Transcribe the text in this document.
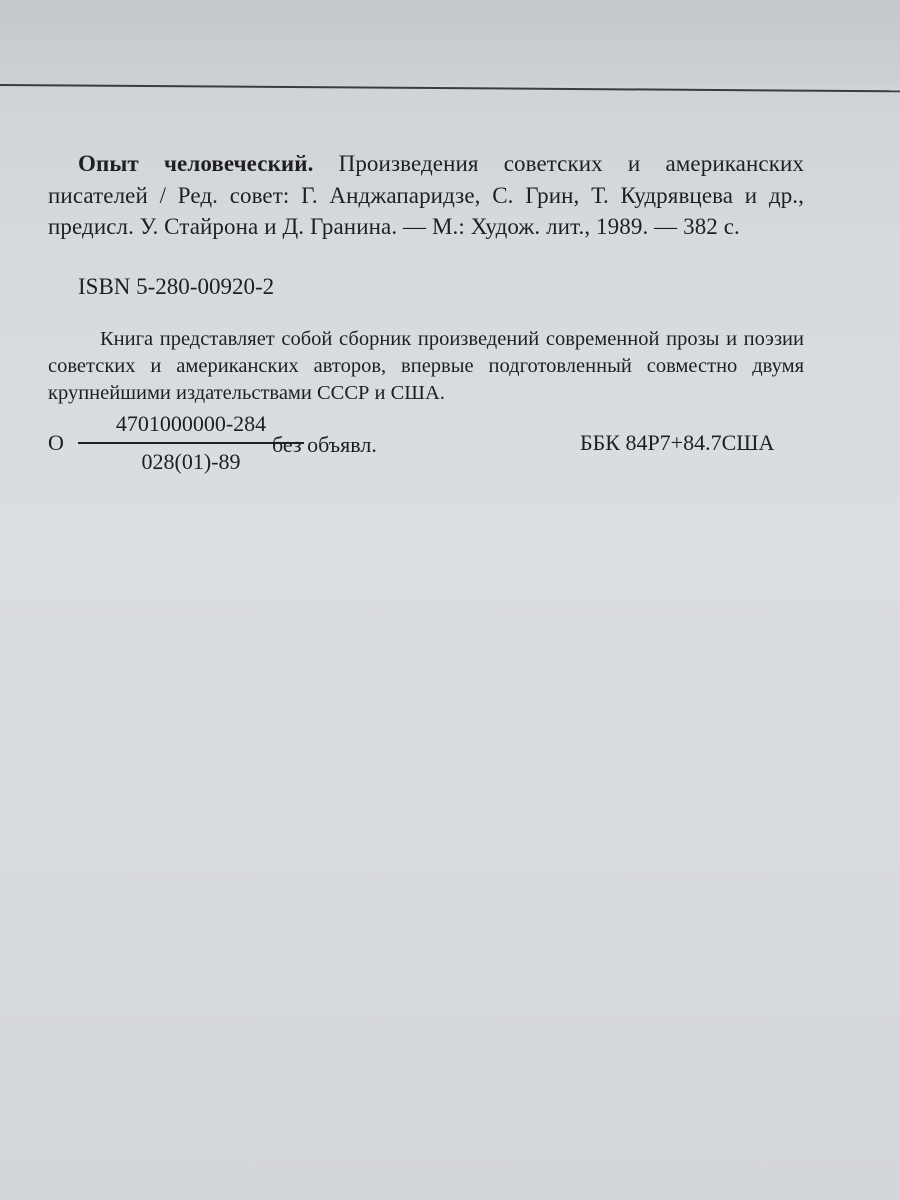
Опыт человеческий. Произведения советских и американских писателей / Ред. совет: Г. Анджапаридзе, С. Грин, Т. Кудрявцева и др., предисл. У. Стайрона и Д. Гранина. — М.: Худож. лит., 1989. — 382 с.

ISBN 5-280-00920-2

Книга представляет собой сборник произведений современной прозы и поэзии советских и американских авторов, впервые подготовленный совместно двумя крупнейшими издательствами СССР и США.

О
4701000000-284
028(01)-89
без объявл.	ББК 84Р7+84.7США
